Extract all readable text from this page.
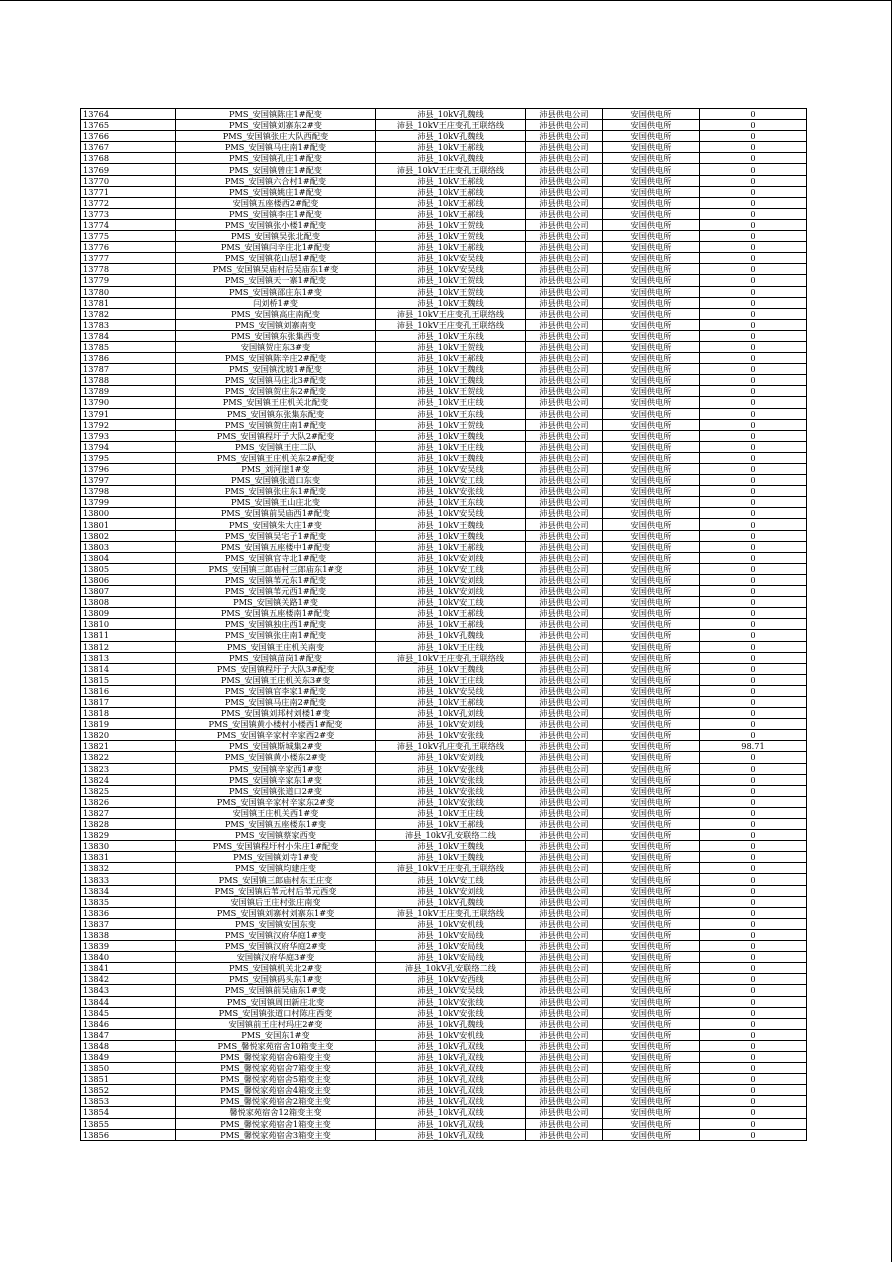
13764	PMS_安国镇陈庄1#配变	沛县_10kV孔魏线	沛县供电公司	安国供电所	0
13765	PMS_安国镇刘寨东2#变	沛县_10kV王庄变孔王联络线	沛县供电公司	安国供电所	0
13766	PMS_安国镇张庄大队西配变	沛县_10kV孔魏线	沛县供电公司	安国供电所	0
13767	PMS_安国镇马庄南1#配变	沛县_10kV王郝线	沛县供电公司	安国供电所	0
13768	PMS_安国镇孔庄1#配变	沛县_10kV孔魏线	沛县供电公司	安国供电所	0
13769	PMS_安国镇曾庄1#配变	沛县_10kV王庄变孔王联络线	沛县供电公司	安国供电所	0
13770	PMS_安国镇六合村1#配变	沛县_10kV王郝线	沛县供电公司	安国供电所	0
13771	PMS_安国镇姚庄1#配变	沛县_10kV王郝线	沛县供电公司	安国供电所	0
13772	安国镇五座楼西2#配变	沛县_10kV王郝线	沛县供电公司	安国供电所	0
13773	PMS_安国镇李庄1#配变	沛县_10kV王郝线	沛县供电公司	安国供电所	0
13774	PMS_安国镇张小楼1#配变	沛县_10kV王贺线	沛县供电公司	安国供电所	0
13775	PMS_安国镇吴张北配变	沛县_10kV王贺线	沛县供电公司	安国供电所	0
13776	PMS_安国镇闫辛庄北1#配变	沛县_10kV王郝线	沛县供电公司	安国供电所	0
13777	PMS_安国镇花山居1#配变	沛县_10kV安吴线	沛县供电公司	安国供电所	0
13778	PMS_安国镇吴庙村后吴庙东1#变	沛县_10kV安吴线	沛县供电公司	安国供电所	0
13779	PMS_安国镇天一寨1#配变	沛县_10kV王贺线	沛县供电公司	安国供电所	0
13780	PMS_安国镇邵庄东1#变	沛县_10kV王贺线	沛县供电公司	安国供电所	0
13781	闫刘桥1#变	沛县_10kV王魏线	沛县供电公司	安国供电所	0
13782	PMS_安国镇高庄南配变	沛县_10kV王庄变孔王联络线	沛县供电公司	安国供电所	0
13783	PMS_安国镇刘寨南变	沛县_10kV王庄变孔王联络线	沛县供电公司	安国供电所	0
13784	PMS_安国镇东张集西变	沛县_10kV王东线	沛县供电公司	安国供电所	0
13785	安国镇贺庄东3#变	沛县_10kV王贺线	沛县供电公司	安国供电所	0
13786	PMS_安国镇陈辛庄2#配变	沛县_10kV王郝线	沛县供电公司	安国供电所	0
13787	PMS_安国镇沈坡1#配变	沛县_10kV王魏线	沛县供电公司	安国供电所	0
13788	PMS_安国镇马庄北3#配变	沛县_10kV王魏线	沛县供电公司	安国供电所	0
13789	PMS_安国镇贺庄东2#配变	沛县_10kV王贺线	沛县供电公司	安国供电所	0
13790	PMS_安国镇王庄机关北配变	沛县_10kV王庄线	沛县供电公司	安国供电所	0
13791	PMS_安国镇东张集东配变	沛县_10kV王东线	沛县供电公司	安国供电所	0
13792	PMS_安国镇贺庄南1#配变	沛县_10kV王贺线	沛县供电公司	安国供电所	0
13793	PMS_安国镇程圩子大队2#配变	沛县_10kV王魏线	沛县供电公司	安国供电所	0
13794	PMS_安国镇王庄二队	沛县_10kV王庄线	沛县供电公司	安国供电所	0
13795	PMS_安国镇王庄机关东2#配变	沛县_10kV王魏线	沛县供电公司	安国供电所	0
13796	PMS_刘河崖1#变	沛县_10kV安吴线	沛县供电公司	安国供电所	0
13797	PMS_安国镇张道口东变	沛县_10kV安工线	沛县供电公司	安国供电所	0
13798	PMS_安国镇张庄东1#配变	沛县_10kV安张线	沛县供电公司	安国供电所	0
13799	PMS_安国镇王山庄北变	沛县_10kV王东线	沛县供电公司	安国供电所	0
13800	PMS_安国镇前吴庙西1#配变	沛县_10kV安吴线	沛县供电公司	安国供电所	0
13801	PMS_安国镇朱大庄1#变	沛县_10kV王魏线	沛县供电公司	安国供电所	0
13802	PMS_安国镇吴宅子1#配变	沛县_10kV王魏线	沛县供电公司	安国供电所	0
13803	PMS_安国镇五座楼中1#配变	沛县_10kV王郝线	沛县供电公司	安国供电所	0
13804	PMS_安国镇官寺北1#配变	沛县_10kV安刘线	沛县供电公司	安国供电所	0
13805	PMS_安国镇三郎庙村三郎庙东1#变	沛县_10kV安工线	沛县供电公司	安国供电所	0
13806	PMS_安国镇苇元东1#配变	沛县_10kV安刘线	沛县供电公司	安国供电所	0
13807	PMS_安国镇苇元西1#配变	沛县_10kV安刘线	沛县供电公司	安国供电所	0
13808	PMS_安国镇关路1#变	沛县_10kV安工线	沛县供电公司	安国供电所	0
13809	PMS_安国镇五座楼南1#配变	沛县_10kV王郝线	沛县供电公司	安国供电所	0
13810	PMS_安国镇独庄西1#配变	沛县_10kV王郝线	沛县供电公司	安国供电所	0
13811	PMS_安国镇张庄南1#配变	沛县_10kV孔魏线	沛县供电公司	安国供电所	0
13812	PMS_安国镇王庄机关南变	沛县_10kV王庄线	沛县供电公司	安国供电所	0
13813	PMS_安国镇苗岗1#配变	沛县_10kV王庄变孔王联络线	沛县供电公司	安国供电所	0
13814	PMS_安国镇程圩子大队3#配变	沛县_10kV王魏线	沛县供电公司	安国供电所	0
13815	PMS_安国镇王庄机关东3#变	沛县_10kV王庄线	沛县供电公司	安国供电所	0
13816	PMS_安国镇官李家1#配变	沛县_10kV安吴线	沛县供电公司	安国供电所	0
13817	PMS_安国镇马庄南2#配变	沛县_10kV王郝线	沛县供电公司	安国供电所	0
13818	PMS_安国镇刘邦村刘楼1#变	沛县_10kV孔刘线	沛县供电公司	安国供电所	0
13819	PMS_安国镇黄小楼村小楼西1#配变	沛县_10kV安刘线	沛县供电公司	安国供电所	0
13820	PMS_安国镇辛家村辛家西2#变	沛县_10kV安张线	沛县供电公司	安国供电所	0
13821	PMS_安国镇斯城集2#变	沛县_10kV孔庄变孔王联络线	沛县供电公司	安国供电所	98.71
13822	PMS_安国镇黄小楼东2#变	沛县_10kV安刘线	沛县供电公司	安国供电所	0
13823	PMS_安国镇辛家西1#变	沛县_10kV安张线	沛县供电公司	安国供电所	0
13824	PMS_安国镇辛家东1#变	沛县_10kV安张线	沛县供电公司	安国供电所	0
13825	PMS_安国镇张道口2#变	沛县_10kV安张线	沛县供电公司	安国供电所	0
13826	PMS_安国镇辛家村辛家东2#变	沛县_10kV安张线	沛县供电公司	安国供电所	0
13827	安国镇王庄机关西1#变	沛县_10kV王庄线	沛县供电公司	安国供电所	0
13828	PMS_安国镇五座楼东1#变	沛县_10kV王郝线	沛县供电公司	安国供电所	0
13829	PMS_安国镇蔡家西变	沛县_10kV孔安联络二线	沛县供电公司	安国供电所	0
13830	PMS_安国镇程圩村小朱庄1#配变	沛县_10kV王魏线	沛县供电公司	安国供电所	0
13831	PMS_安国镇刘寺1#变	沛县_10kV王魏线	沛县供电公司	安国供电所	0
13832	PMS_安国镇均建庄变	沛县_10kV王庄变孔王联络线	沛县供电公司	安国供电所	0
13833	PMS_安国镇三郎庙村东王庄变	沛县_10kV安工线	沛县供电公司	安国供电所	0
13834	PMS_安国镇后苇元村后苇元西变	沛县_10kV安刘线	沛县供电公司	安国供电所	0
13835	安国镇后王庄村张庄南变	沛县_10kV孔魏线	沛县供电公司	安国供电所	0
13836	PMS_安国镇刘寨村刘寨东1#变	沛县_10kV王庄变孔王联络线	沛县供电公司	安国供电所	0
13837	PMS_安国镇安国东变	沛县_10kV安机线	沛县供电公司	安国供电所	0
13838	PMS_安国镇汉府华庭1#变	沛县_10kV安局线	沛县供电公司	安国供电所	0
13839	PMS_安国镇汉府华庭2#变	沛县_10kV安局线	沛县供电公司	安国供电所	0
13840	安国镇汉府华庭3#变	沛县_10kV安局线	沛县供电公司	安国供电所	0
13841	PMS_安国镇机关北2#变	沛县_10kV孔安联络二线	沛县供电公司	安国供电所	0
13842	PMS_安国镇码头东1#变	沛县_10kV安西线	沛县供电公司	安国供电所	0
13843	PMS_安国镇前吴庙东1#变	沛县_10kV安吴线	沛县供电公司	安国供电所	0
13844	PMS_安国镇周田新庄北变	沛县_10kV安张线	沛县供电公司	安国供电所	0
13845	PMS_安国镇张道口村陈庄西变	沛县_10kV安张线	沛县供电公司	安国供电所	0
13846	安国镇前王庄村玛庄2#变	沛县_10kV孔魏线	沛县供电公司	安国供电所	0
13847	PMS_安国东1#变	沛县_10kV安机线	沛县供电公司	安国供电所	0
13848	PMS_馨悦家苑宿舍10箱变主变	沛县_10kV孔双线	沛县供电公司	安国供电所	0
13849	PMS_馨悦家苑宿舍6箱变主变	沛县_10kV孔双线	沛县供电公司	安国供电所	0
13850	PMS_馨悦家苑宿舍7箱变主变	沛县_10kV孔双线	沛县供电公司	安国供电所	0
13851	PMS_馨悦家苑宿舍5箱变主变	沛县_10kV孔双线	沛县供电公司	安国供电所	0
13852	PMS_馨悦家苑宿舍4箱变主变	沛县_10kV孔双线	沛县供电公司	安国供电所	0
13853	PMS_馨悦家苑宿舍2箱变主变	沛县_10kV孔双线	沛县供电公司	安国供电所	0
13854	馨悦家苑宿舍12箱变主变	沛县_10kV孔双线	沛县供电公司	安国供电所	0
13855	PMS_馨悦家苑宿舍1箱变主变	沛县_10kV孔双线	沛县供电公司	安国供电所	0
13856	PMS_馨悦家苑宿舍3箱变主变	沛县_10kV孔双线	沛县供电公司	安国供电所	0
